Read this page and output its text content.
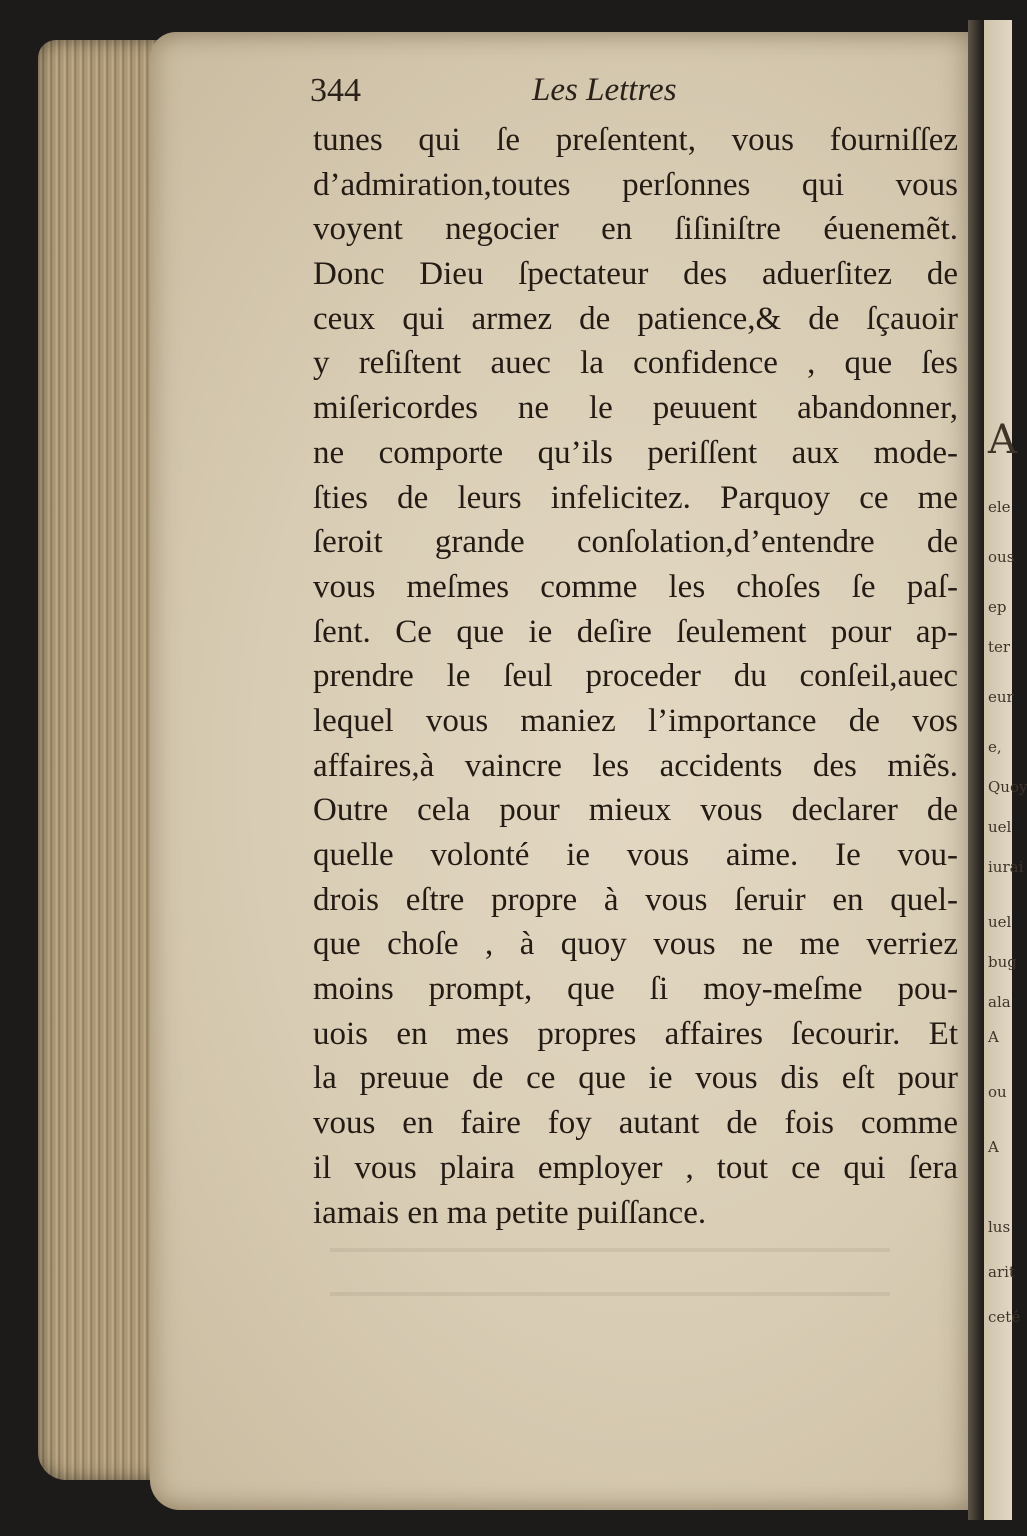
344	Les Lettres
tunes qui ſe preſentent, vous fourniſſez
d’admiration,toutes perſonnes qui vous
voyent negocier en ſiſiniſtre éuenemẽt.
Donc Dieu ſpectateur des aduerſitez de
ceux qui armez de patience,& de ſçauoir
y reſiſtent auec la confidence , que ſes
miſericordes ne le peuuent abandonner,
ne comporte qu’ils periſſent aux mode-
ſties de leurs infelicitez. Parquoy ce me
ſeroit grande conſolation,d’entendre de
vous meſmes comme les choſes ſe paſ-
ſent. Ce que ie deſire ſeulement pour ap-
prendre le ſeul proceder du conſeil,auec
lequel vous maniez l’importance de vos
affaires,à vaincre les accidents des miẽs.
Outre cela pour mieux vous declarer de
quelle volonté ie vous aime. Ie vou-
drois eſtre propre à vous ſeruir en quel-
que choſe , à quoy vous ne me verriez
moins prompt, que ſi moy-meſme pou-
uois en mes propres affaires ſecourir. Et
la preuue de ce que ie vous dis eſt pour
vous en faire foy autant de fois comme
il vous plaira employer , tout ce qui ſera
iamais en ma petite puiſſance.
A
ele
ous
ep
ter
eur
e,
Quoy
uel
iurai
uel
bug
ala
A
ou
A
lus
arit
ceté
